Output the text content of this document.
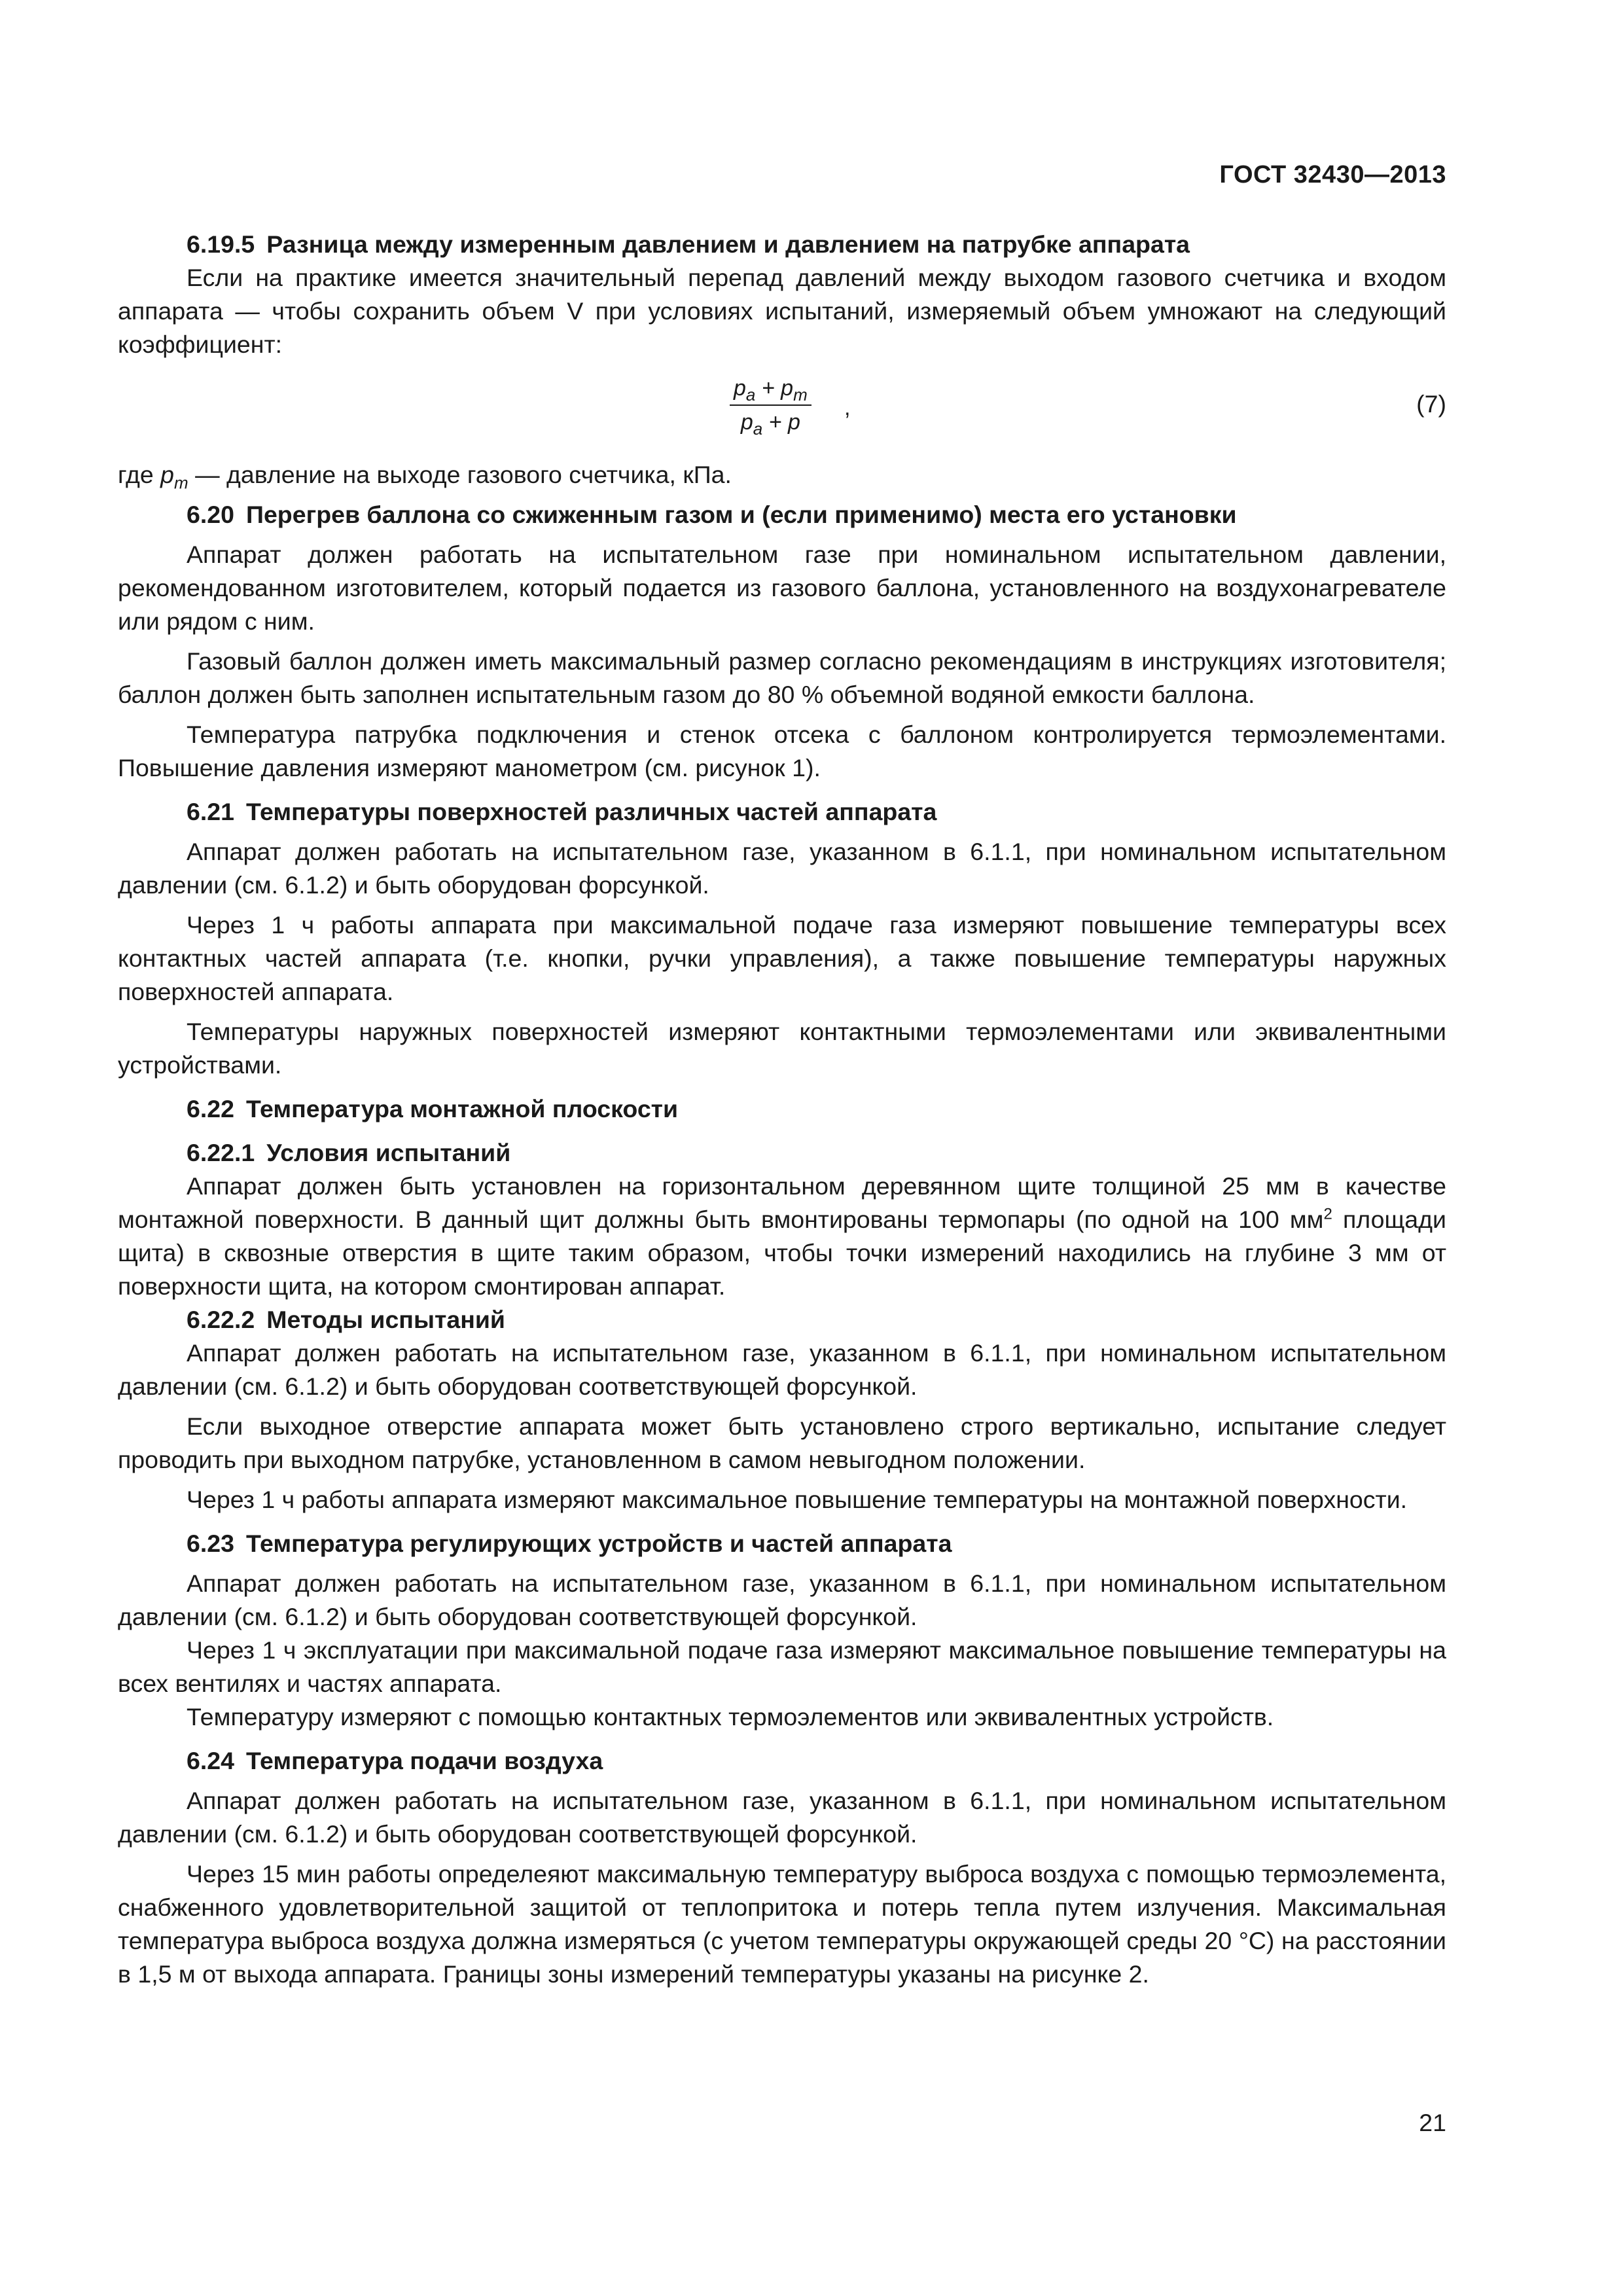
ГОСТ 32430—2013
6.19.5 Разница между измеренным давлением и давлением на патрубке аппарата

Если на практике имеется значительный перепад давлений между выходом газового счетчика и входом аппарата — чтобы сохранить объем V при условиях испытаний, измеряемый объем умножают на следующий коэффициент:

$p_a + p_m$
$p_a + p$
,	(7)

где $p_m$ — давление на выходе газового счетчика, кПа.

6.20 Перегрев баллона со сжиженным газом и (если применимо) места его установки

Аппарат должен работать на испытательном газе при номинальном испытательном давлении, рекомендованном изготовителем, который подается из газового баллона, установленного на воздухонагревателе или рядом с ним.

Газовый баллон должен иметь максимальный размер согласно рекомендациям в инструкциях изготовителя; баллон должен быть заполнен испытательным газом до 80 % объемной водяной емкости баллона.

Температура патрубка подключения и стенок отсека с баллоном контролируется термоэлементами. Повышение давления измеряют манометром (см. рисунок 1).

6.21 Температуры поверхностей различных частей аппарата

Аппарат должен работать на испытательном газе, указанном в 6.1.1, при номинальном испытательном давлении (см. 6.1.2) и быть оборудован форсункой.

Через 1 ч работы аппарата при максимальной подаче газа измеряют повышение температуры всех контактных частей аппарата (т.е. кнопки, ручки управления), а также повышение температуры наружных поверхностей аппарата.

Температуры наружных поверхностей измеряют контактными термоэлементами или эквивалентными устройствами.

6.22 Температура монтажной плоскости
6.22.1 Условия испытаний

Аппарат должен быть установлен на горизонтальном деревянном щите толщиной 25 мм в качестве монтажной поверхности. В данный щит должны быть вмонтированы термопары (по одной на 100 $мм^2$ площади щита) в сквозные отверстия в щите таким образом, чтобы точки измерений находились на глубине 3 мм от поверхности щита, на котором смонтирован аппарат.

6.22.2 Методы испытаний

Аппарат должен работать на испытательном газе, указанном в 6.1.1, при номинальном испытательном давлении (см. 6.1.2) и быть оборудован соответствующей форсункой.

Если выходное отверстие аппарата может быть установлено строго вертикально, испытание следует проводить при выходном патрубке, установленном в самом невыгодном положении.

Через 1 ч работы аппарата измеряют максимальное повышение температуры на монтажной поверхности.

6.23 Температура регулирующих устройств и частей аппарата

Аппарат должен работать на испытательном газе, указанном в 6.1.1, при номинальном испытательном давлении (см. 6.1.2) и быть оборудован соответствующей форсункой.

Через 1 ч эксплуатации при максимальной подаче газа измеряют максимальное повышение температуры на всех вентилях и частях аппарата.

Температуру измеряют с помощью контактных термоэлементов или эквивалентных устройств.

6.24 Температура подачи воздуха

Аппарат должен работать на испытательном газе, указанном в 6.1.1, при номинальном испытательном давлении (см. 6.1.2) и быть оборудован соответствующей форсункой.

Через 15 мин работы определеяют максимальную температуру выброса воздуха с помощью термоэлемента, снабженного удовлетворительной защитой от теплопритока и потерь тепла путем излучения. Максимальная температура выброса воздуха должна измеряться (с учетом температуры окружающей среды 20 °С) на расстоянии в 1,5 м от выхода аппарата. Границы зоны измерений температуры указаны на рисунке 2.

21
